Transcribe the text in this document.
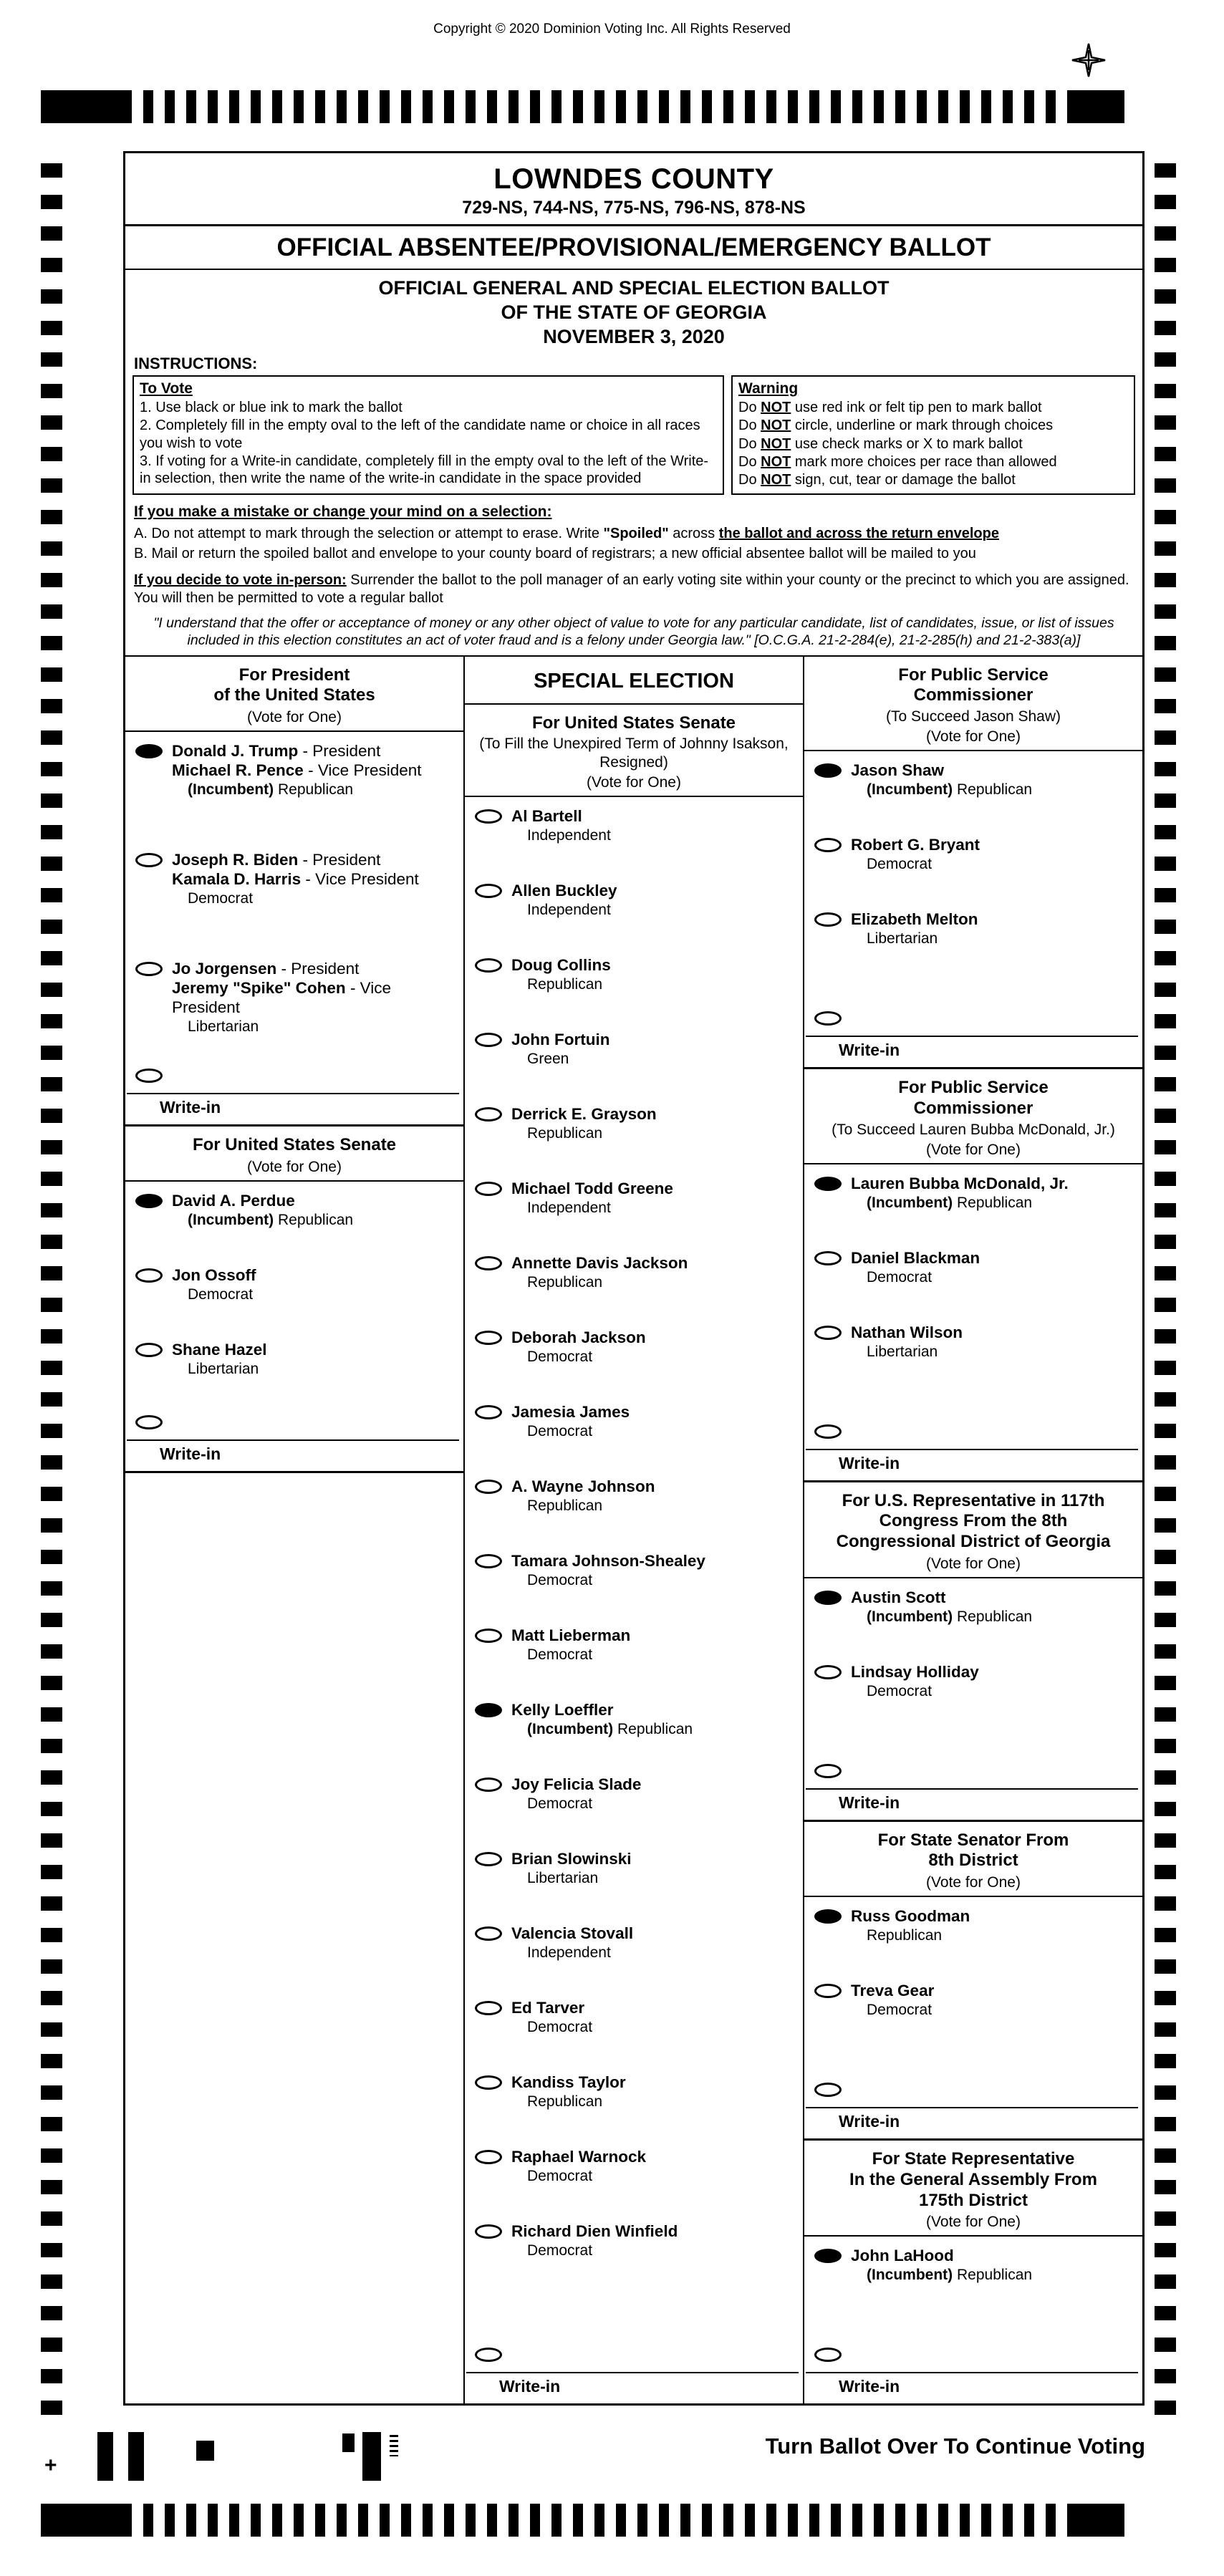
Copyright © 2020 Dominion Voting Inc. All Rights Reserved
LOWNDES COUNTY
729-NS, 744-NS, 775-NS, 796-NS, 878-NS
OFFICIAL ABSENTEE/PROVISIONAL/EMERGENCY BALLOT
OFFICIAL GENERAL AND SPECIAL ELECTION BALLOT
OF THE STATE OF GEORGIA
NOVEMBER 3, 2020
INSTRUCTIONS:
To Vote
1. Use black or blue ink to mark the ballot
2. Completely fill in the empty oval to the left of the candidate name or choice in all races you wish to vote
3. If voting for a Write-in candidate, completely fill in the empty oval to the left of the Write-in selection, then write the name of the write-in candidate in the space provided
Warning
Do NOT use red ink or felt tip pen to mark ballot
Do NOT circle, underline or mark through choices
Do NOT use check marks or X to mark ballot
Do NOT mark more choices per race than allowed
Do NOT sign, cut, tear or damage the ballot
If you make a mistake or change your mind on a selection:
A. Do not attempt to mark through the selection or attempt to erase. Write "Spoiled" across the ballot and across the return envelope
B. Mail or return the spoiled ballot and envelope to your county board of registrars; a new official absentee ballot will be mailed to you
If you decide to vote in-person: Surrender the ballot to the poll manager of an early voting site within your county or the precinct to which you are assigned. You will then be permitted to vote a regular ballot
"I understand that the offer or acceptance of money or any other object of value to vote for any particular candidate, list of candidates, issue, or list of issues included in this election constitutes an act of voter fraud and is a felony under Georgia law." [O.C.G.A. 21-2-284(e), 21-2-285(h) and 21-2-383(a)]
For President
of the United States
(Vote for One)
Donald J. Trump - President
Michael R. Pence - Vice President
(Incumbent) Republican
Joseph R. Biden - President
Kamala D. Harris - Vice President
Democrat
Jo Jorgensen - President
Jeremy "Spike" Cohen - Vice President
Libertarian
Write-in
For United States Senate
(Vote for One)
David A. Perdue
(Incumbent) Republican
Jon Ossoff
Democrat
Shane Hazel
Libertarian
Write-in
SPECIAL ELECTION
For United States Senate
(To Fill the Unexpired Term of Johnny Isakson, Resigned)
(Vote for One)
Al Bartell
Independent
Allen Buckley
Independent
Doug Collins
Republican
John Fortuin
Green
Derrick E. Grayson
Republican
Michael Todd Greene
Independent
Annette Davis Jackson
Republican
Deborah Jackson
Democrat
Jamesia James
Democrat
A. Wayne Johnson
Republican
Tamara Johnson-Shealey
Democrat
Matt Lieberman
Democrat
Kelly Loeffler
(Incumbent) Republican
Joy Felicia Slade
Democrat
Brian Slowinski
Libertarian
Valencia Stovall
Independent
Ed Tarver
Democrat
Kandiss Taylor
Republican
Raphael Warnock
Democrat
Richard Dien Winfield
Democrat
Write-in
For Public Service
Commissioner
(To Succeed Jason Shaw)
(Vote for One)
Jason Shaw
(Incumbent) Republican
Robert G. Bryant
Democrat
Elizabeth Melton
Libertarian
Write-in
For Public Service
Commissioner
(To Succeed Lauren Bubba McDonald, Jr.)
(Vote for One)
Lauren Bubba McDonald, Jr.
(Incumbent) Republican
Daniel Blackman
Democrat
Nathan Wilson
Libertarian
Write-in
For U.S. Representative in 117th
Congress From the 8th
Congressional District of Georgia
(Vote for One)
Austin Scott
(Incumbent) Republican
Lindsay Holliday
Democrat
Write-in
For State Senator From
8th District
(Vote for One)
Russ Goodman
Republican
Treva Gear
Democrat
Write-in
For State Representative
In the General Assembly From
175th District
(Vote for One)
John LaHood
(Incumbent) Republican
Write-in
Turn Ballot Over To Continue Voting
+
